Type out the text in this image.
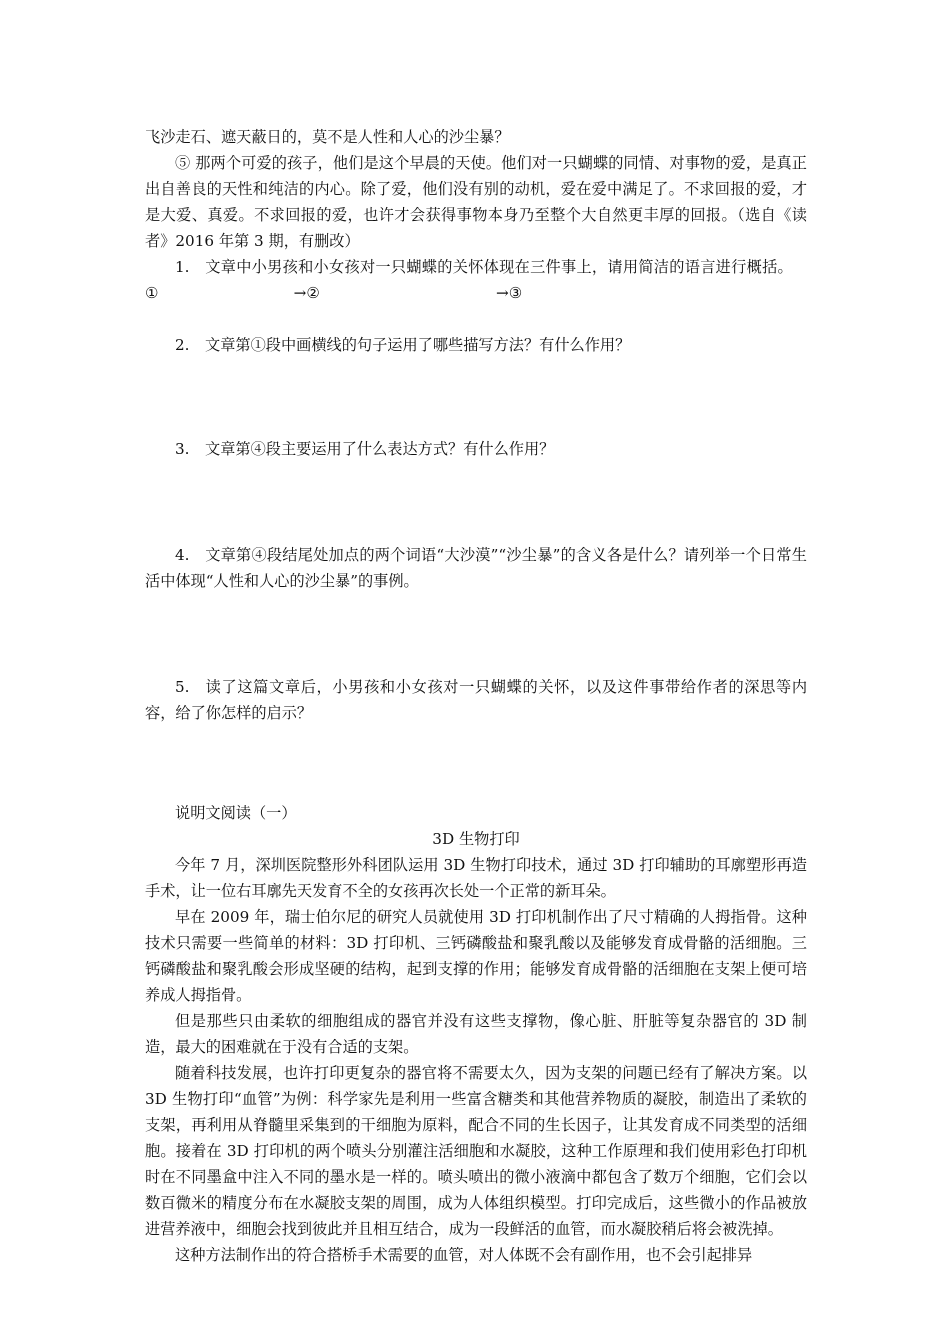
飞沙走石、遮天蔽日的，莫不是人性和人心的沙尘暴？

⑤ 那两个可爱的孩子，他们是这个早晨的天使。他们对一只蝴蝶的同情、对事物的爱，是真正出自善良的天性和纯洁的内心。除了爱，他们没有别的动机，爱在爱中满足了。不求回报的爱，才是大爱、真爱。不求回报的爱，也许才会获得事物本身乃至整个大自然更丰厚的回报。（选自《读者》2016 年第 3 期，有删改）

1. 文章中小男孩和小女孩对一只蝴蝶的关怀体现在三件事上，请用简洁的语言进行概括。①	→②	→③

2. 文章第①段中画横线的句子运用了哪些描写方法？有什么作用？

3. 文章第④段主要运用了什么表达方式？有什么作用？

4. 文章第④段结尾处加点的两个词语“大沙漠”“沙尘暴”的含义各是什么？请列举一个日常生活中体现“人性和人心的沙尘暴”的事例。

5. 读了这篇文章后，小男孩和小女孩对一只蝴蝶的关怀，以及这件事带给作者的深思等内容，给了你怎样的启示？

说明文阅读（一）

3D 生物打印

今年 7 月，深圳医院整形外科团队运用 3D 生物打印技术，通过 3D 打印辅助的耳廓塑形再造手术，让一位右耳廓先天发育不全的女孩再次长处一个正常的新耳朵。

早在 2009 年，瑞士伯尔尼的研究人员就使用 3D 打印机制作出了尺寸精确的人拇指骨。这种技术只需要一些简单的材料：3D 打印机、三钙磷酸盐和聚乳酸以及能够发育成骨骼的活细胞。三钙磷酸盐和聚乳酸会形成坚硬的结构，起到支撑的作用；能够发育成骨骼的活细胞在支架上便可培养成人拇指骨。

但是那些只由柔软的细胞组成的器官并没有这些支撑物，像心脏、肝脏等复杂器官的 3D 制造，最大的困难就在于没有合适的支架。

随着科技发展，也许打印更复杂的器官将不需要太久，因为支架的问题已经有了解决方案。以 3D 生物打印“血管”为例：科学家先是利用一些富含糖类和其他营养物质的凝胶，制造出了柔软的支架，再利用从脊髓里采集到的干细胞为原料，配合不同的生长因子，让其发育成不同类型的活细胞。接着在 3D 打印机的两个喷头分别灌注活细胞和水凝胶，这种工作原理和我们使用彩色打印机时在不同墨盒中注入不同的墨水是一样的。喷头喷出的微小液滴中都包含了数万个细胞，它们会以数百微米的精度分布在水凝胶支架的周围，成为人体组织模型。打印完成后，这些微小的作品被放进营养液中，细胞会找到彼此并且相互结合，成为一段鲜活的血管，而水凝胶稍后将会被洗掉。

这种方法制作出的符合搭桥手术需要的血管，对人体既不会有副作用，也不会引起排异
